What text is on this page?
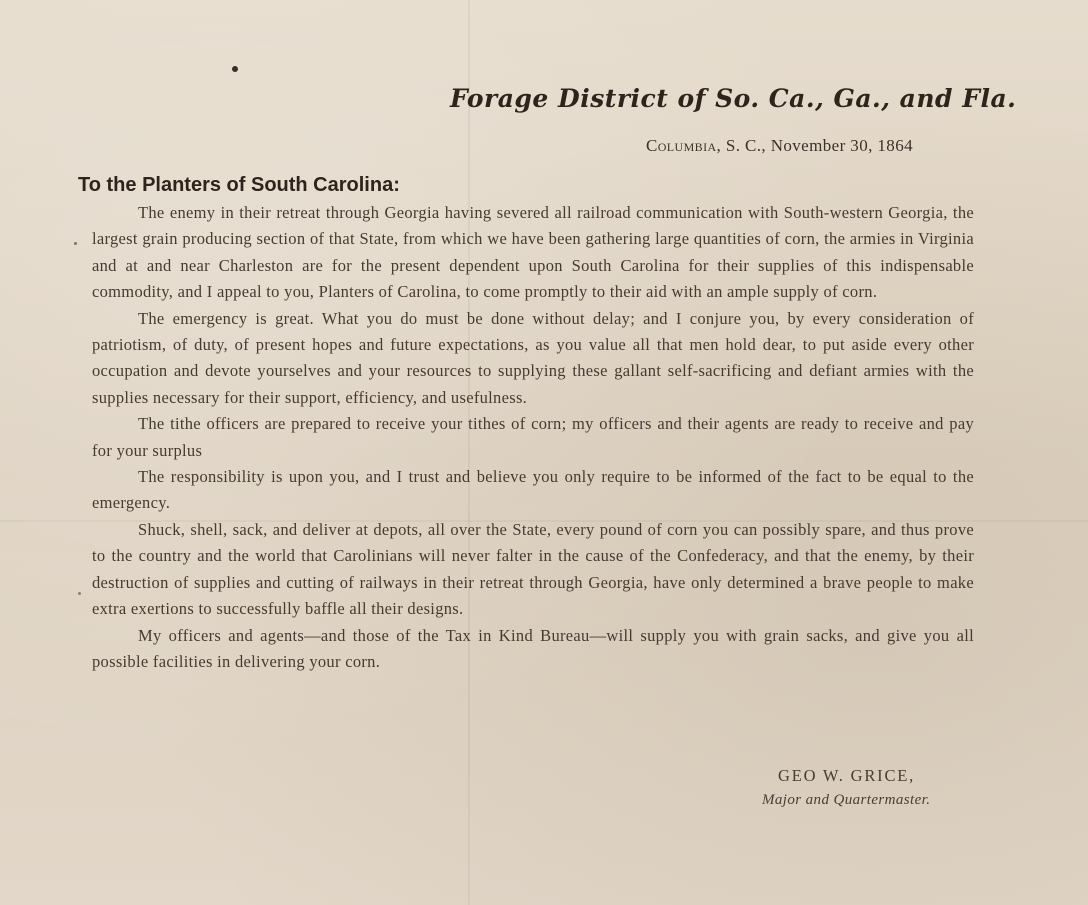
Forage District of So. Ca., Ga., and Fla.
Columbia, S. C., November 30, 1864
To the Planters of South Carolina:

The enemy in their retreat through Georgia having severed all railroad communication with South-western Georgia, the largest grain producing section of that State, from which we have been gathering large quantities of corn, the armies in Virginia and at and near Charleston are for the present dependent upon South Carolina for their supplies of this indispensable commodity, and I appeal to you, Planters of Carolina, to come promptly to their aid with an ample supply of corn.

The emergency is great. What you do must be done without delay; and I conjure you, by every consideration of patriotism, of duty, of present hopes and future expectations, as you value all that men hold dear, to put aside every other occupation and devote yourselves and your resources to supplying these gallant self-sacrificing and defiant armies with the supplies necessary for their support, efficiency, and usefulness.

The tithe officers are prepared to receive your tithes of corn; my officers and their agents are ready to receive and pay for your surplus

The responsibility is upon you, and I trust and believe you only require to be informed of the fact to be equal to the emergency.

Shuck, shell, sack, and deliver at depots, all over the State, every pound of corn you can possibly spare, and thus prove to the country and the world that Carolinians will never falter in the cause of the Confederacy, and that the enemy, by their destruction of supplies and cutting of railways in their retreat through Georgia, have only determined a brave people to make extra exertions to successfully baffle all their designs.

My officers and agents—and those of the Tax in Kind Bureau—will supply you with grain sacks, and give you all possible facilities in delivering your corn.

GEO W. GRICE,
Major and Quartermaster.
